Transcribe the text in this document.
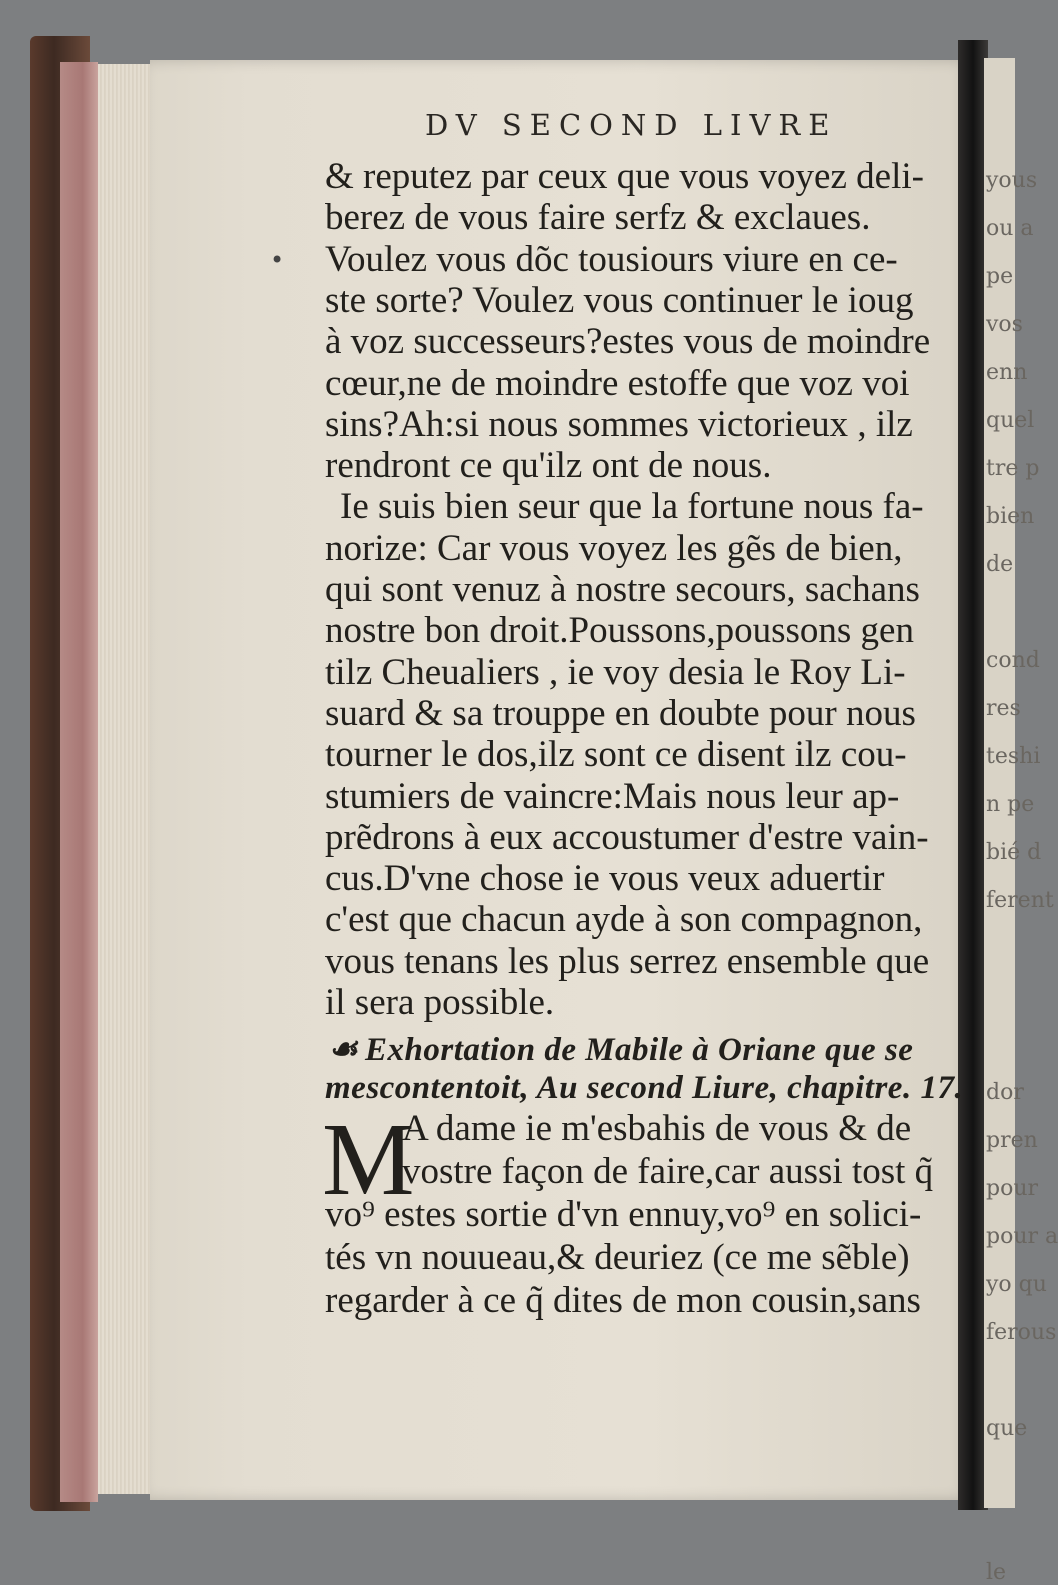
yous
ou a
pe
vos
enn
quel
tre p
bien
de
cond
res
teshi
n pe
bié d
ferent
dor
pren
pour
pour a
yo qu
ferous
que
le
DV SECOND LIVRE
& reputez par ceux que vous voyez deli-
berez de vous faire serfz & exclaues.
Voulez vous dõc tousiours viure en ce-
ste sorte? Voulez vous continuer le ioug
à voz successeurs?estes vous de moindre
cœur,ne de moindre estoffe que voz voi
sins?Ah:si nous sommes victorieux , ilz
rendront ce qu'ilz ont de nous.
Ie suis bien seur que la fortune nous fa-
norize: Car vous voyez les gẽs de bien,
qui sont venuz à nostre secours, sachans
nostre bon droit.Poussons,poussons gen
tilz Cheualiers , ie voy desia le Roy Li-
suard & sa trouppe en doubte pour nous
tourner le dos,ilz sont ce disent ilz cou-
stumiers de vaincre:Mais nous leur ap-
prẽdrons à eux accoustumer d'estre vain-
cus.D'vne chose ie vous veux aduertir
c'est que chacun ayde à son compagnon,
vous tenans les plus serrez ensemble que
il sera possible.
A dame ie m'esbahis de vous & de
vostre façon de faire,car aussi tost q̃
vo⁹ estes sortie d'vn ennuy,vo⁹ en solici-
tés vn nouueau,& deuriez (ce me sẽble)
regarder à ce q̃ dites de mon cousin,sans
•
☙ Exhortation de Mabile à Oriane que se
mescontentoit, Au second Liure, chapitre. 17.
M
